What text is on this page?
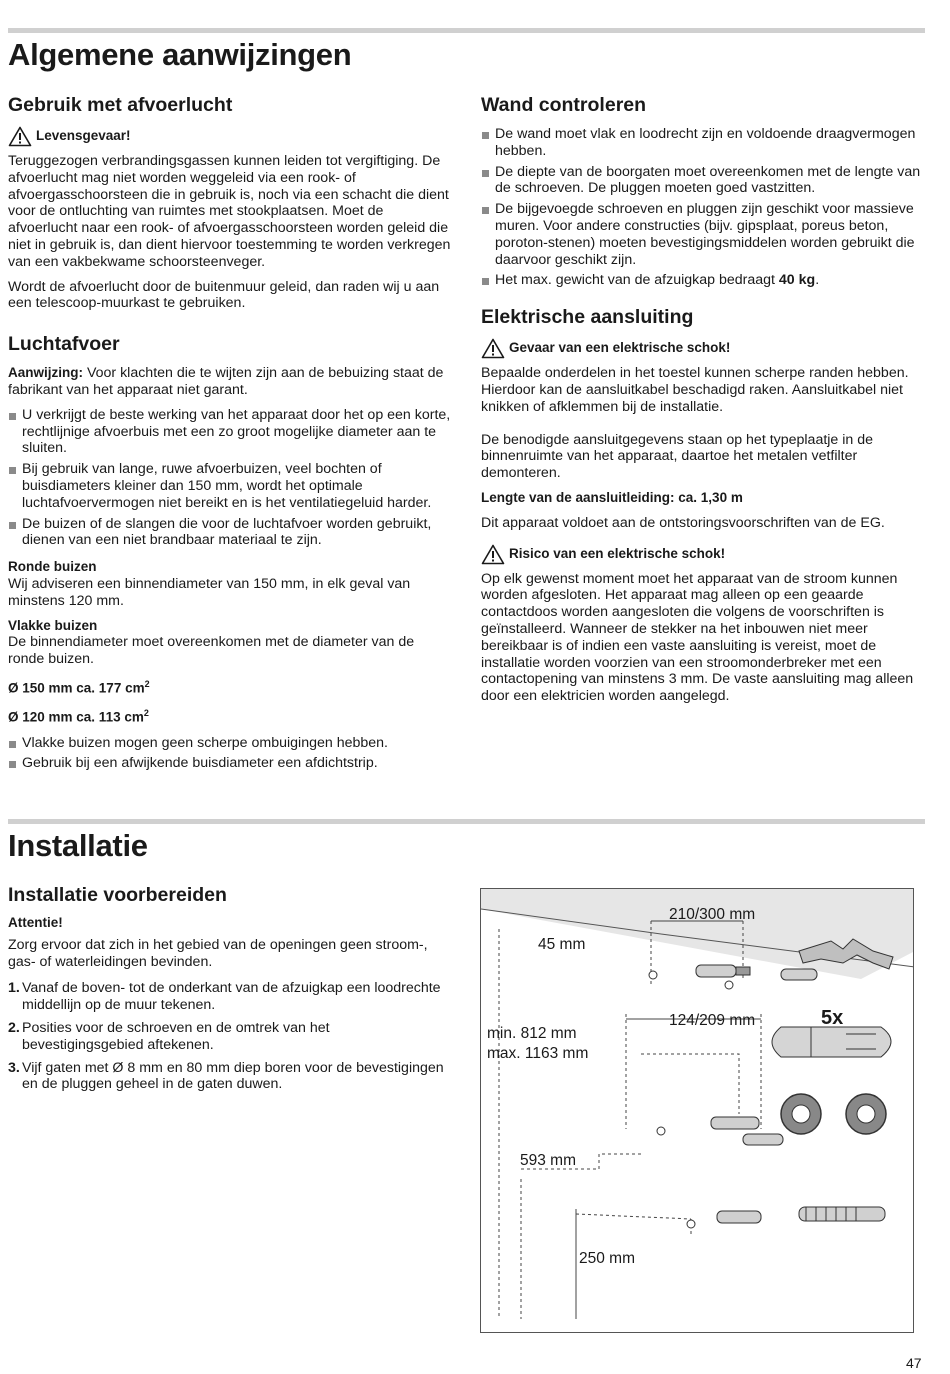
Algemene aanwijzingen
Gebruik met afvoerlucht
Levensgevaar!

Teruggezogen verbrandingsgassen kunnen leiden tot vergiftiging. De afvoerlucht mag niet worden weggeleid via een rook- of afvoergasschoorsteen die in gebruik is, noch via een schacht die dient voor de ontluchting van ruimtes met stookplaatsen. Moet de afvoerlucht naar een rook- of afvoergasschoorsteen worden geleid die niet in gebruik is, dan dient hiervoor toestemming te worden verkregen van een vakbekwame schoorsteenveger.

Wordt de afvoerlucht door de buitenmuur geleid, dan raden wij u aan een telescoop-muurkast te gebruiken.

Luchtafvoer

Aanwijzing: Voor klachten die te wijten zijn aan de bebuizing staat de fabrikant van het apparaat niet garant.

U verkrijgt de beste werking van het apparaat door het op een korte, rechtlijnige afvoerbuis met een zo groot mogelijke diameter aan te sluiten.
Bij gebruik van lange, ruwe afvoerbuizen, veel bochten of buisdiameters kleiner dan 150 mm, wordt het optimale luchtafvoervermogen niet bereikt en is het ventilatiegeluid harder.
De buizen of de slangen die voor de luchtafvoer worden gebruikt, dienen van een niet brandbaar materiaal te zijn.
Ronde buizen

Wij adviseren een binnendiameter van 150 mm, in elk geval van minstens 120 mm.

Vlakke buizen

De binnendiameter moet overeenkomen met de diameter van de ronde buizen.

Ø 150 mm ca. 177 $cm^2$

Ø 120 mm ca. 113 $cm^2$

Vlakke buizen mogen geen scherpe ombuigingen hebben.
Gebruik bij een afwijkende buisdiameter een afdichtstrip.
Wand controleren
De wand moet vlak en loodrecht zijn en voldoende draagvermogen hebben.
De diepte van de boorgaten moet overeenkomen met de lengte van de schroeven. De pluggen moeten goed vastzitten.
De bijgevoegde schroeven en pluggen zijn geschikt voor massieve muren. Voor andere constructies (bijv. gipsplaat, poreus beton, poroton-stenen) moeten bevestigingsmiddelen worden gebruikt die daarvoor geschikt zijn.
Het max. gewicht van de afzuigkap bedraagt 40 kg.
Elektrische aansluiting
Gevaar van een elektrische schok!

Bepaalde onderdelen in het toestel kunnen scherpe randen hebben. Hierdoor kan de aansluitkabel beschadigd raken. Aansluitkabel niet knikken of afklemmen bij de installatie.

De benodigde aansluitgegevens staan op het typeplaatje in de binnenruimte van het apparaat, daartoe het metalen vetfilter demonteren.

Lengte van de aansluitleiding: ca. 1,30 m

Dit apparaat voldoet aan de ontstoringsvoorschriften van de EG.

Risico van een elektrische schok!

Op elk gewenst moment moet het apparaat van de stroom kunnen worden afgesloten. Het apparaat mag alleen op een geaarde contactdoos worden aangesloten die volgens de voorschriften is geïnstalleerd. Wanneer de stekker na het inbouwen niet meer bereikbaar is of indien een vaste aansluiting is vereist, moet de installatie worden voorzien van een stroomonderbreker met een contactopening van minstens 3 mm. De vaste aansluiting mag alleen door een elektricien worden aangelegd.

Installatie
Installatie voorbereiden
Attentie!

Zorg ervoor dat zich in het gebied van de openingen geen stroom-, gas- of waterleidingen bevinden.

1. Vanaf de boven- tot de onderkant van de afzuigkap een loodrechte middellijn op de muur tekenen.
2. Posities voor de schroeven en de omtrek van het bevestigingsgebied aftekenen.
3. Vijf gaten met Ø 8 mm en 80 mm diep boren voor de bevestigingen en de pluggen geheel in de gaten duwen.
210/300 mm
45 mm
124/209 mm	5x
min. 812 mm
max. 1163 mm
593 mm
250 mm
47
